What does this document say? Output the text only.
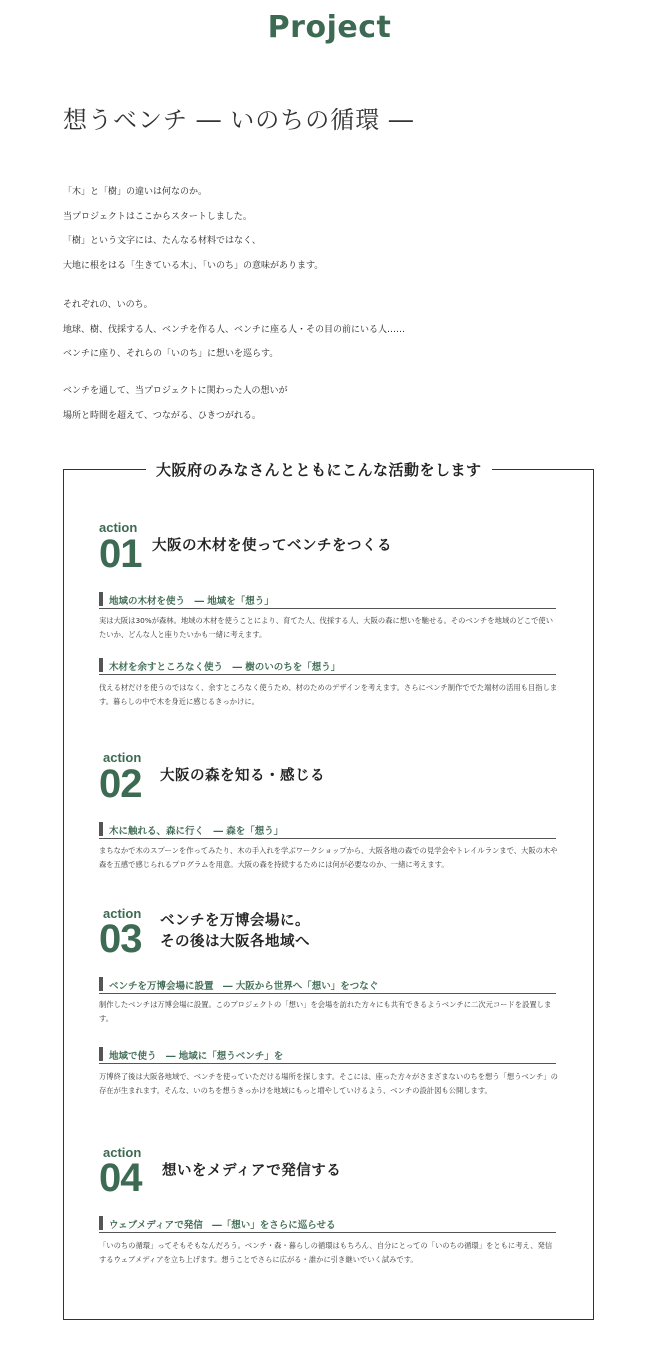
Project
想うベンチ ― いのちの循環 ―

「木」と「樹」の違いは何なのか。

当プロジェクトはここからスタートしました。

「樹」という文字には、たんなる材料ではなく、

大地に根をはる「生きている木」、「いのち」の意味があります。

それぞれの、いのち。

地球、樹、伐採する人、ベンチを作る人、ベンチに座る人・その目の前にいる人……

ベンチに座り、それらの「いのち」に想いを巡らす。

ベンチを通して、当プロジェクトに関わった人の想いが

場所と時間を超えて、つながる、ひきつがれる。

大阪府のみなさんとともにこんな活動をします
action
01 大阪の木材を使ってベンチをつくる
地域の木材を使う　― 地域を「想う」
実は大阪は30%が森林。地域の木材を使うことにより、育てた人、伐採する人、大阪の森に想いを馳せる。そのベンチを地域のどこで使いたいか、どんな人と座りたいかも一緒に考えます。
木材を余すところなく使う　― 樹のいのちを「想う」
伐える材だけを使うのではなく、余すところなく使うため、材のためのデザインを考えます。さらにベンチ制作ででた端材の活用も目指します。暮らしの中で木を身近に感じるきっかけに。
action
02 大阪の森を知る・感じる
木に触れる、森に行く　― 森を「想う」
まちなかで木のスプーンを作ってみたり、木の手入れを学ぶワークショップから、大阪各地の森での見学会やトレイルランまで、大阪の木や森を五感で感じられるプログラムを用意。大阪の森を持続するためには何が必要なのか、一緒に考えます。
action
03 ベンチを万博会場に。
その後は大阪各地域へ
ベンチを万博会場に設置　― 大阪から世界へ「想い」をつなぐ
制作したベンチは万博会場に設置。このプロジェクトの「想い」を会場を訪れた方々にも共有できるようベンチに二次元コードを設置します。
地域で使う　― 地域に「想うベンチ」を
万博終了後は大阪各地域で、ベンチを使っていただける場所を探します。そこには、座った方々がさまざまないのちを想う「想うベンチ」の存在が生まれます。そんな、いのちを想うきっかけを地域にもっと増やしていけるよう、ベンチの設計図も公開します。
action
04 想いをメディアで発信する
ウェブメディアで発信　―「想い」をさらに巡らせる
「いのちの循環」ってそもそもなんだろう。ベンチ・森・暮らしの循環はもちろん、自分にとっての「いのちの循環」をともに考え、発信するウェブメディアを立ち上げます。想うことでさらに広がる・誰かに引き継いでいく試みです。
